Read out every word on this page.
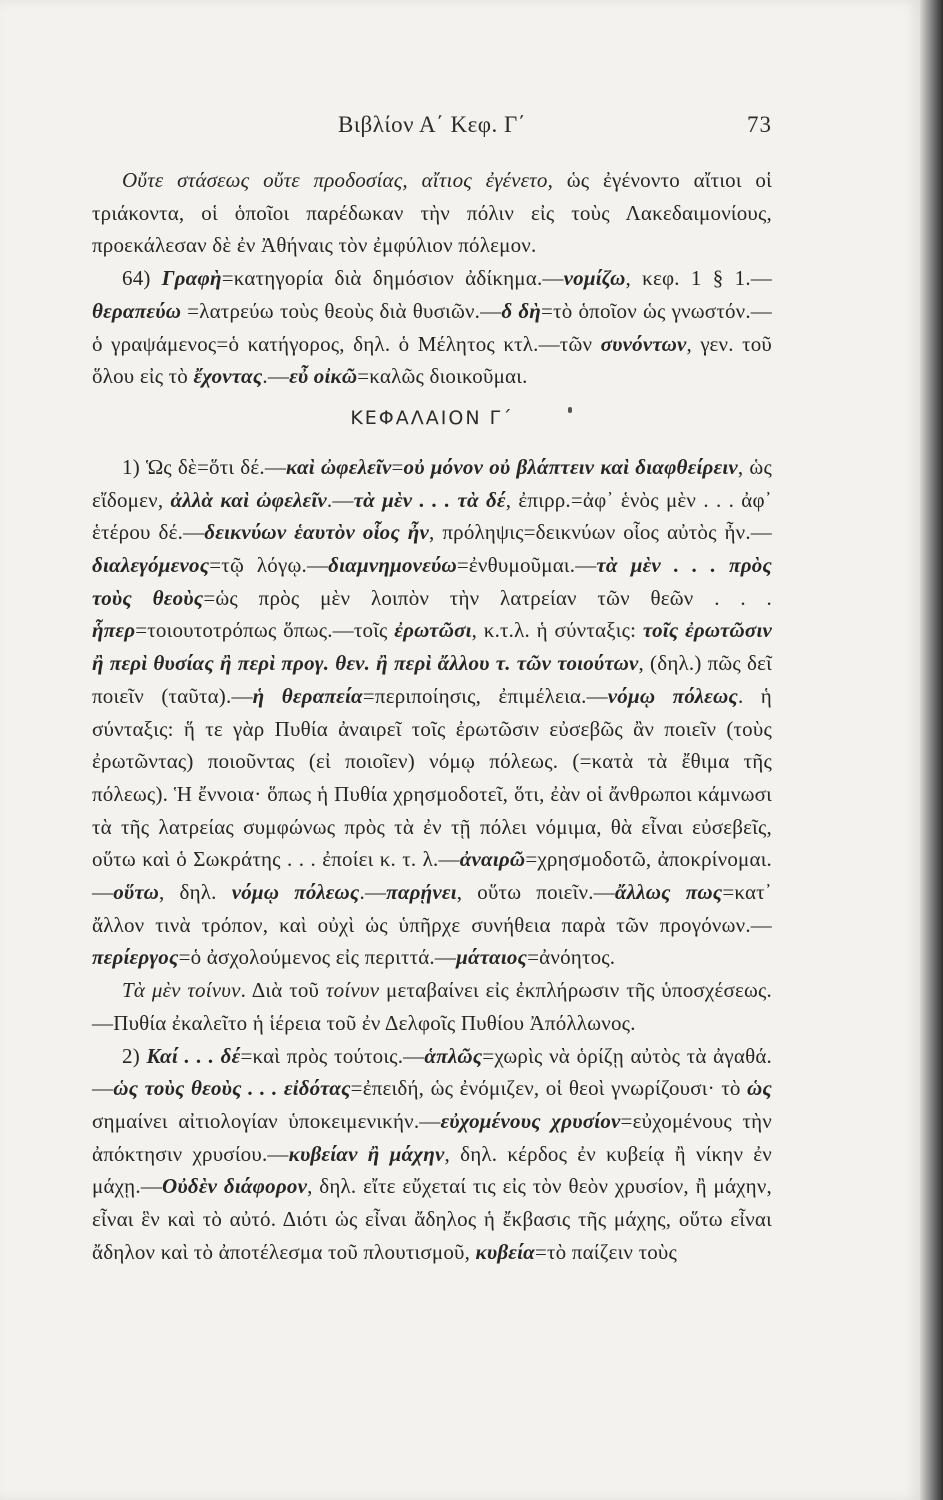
Βιβλίον Α΄ Κεφ. Γ΄	73

Οὔτε στάσεως οὔτε προδοσίας, αἴτιος ἐγένετο, ὡς ἐγένοντο αἴτιοι οἱ τριάκοντα, οἱ ὁποῖοι παρέδωκαν τὴν πόλιν εἰς τοὺς Λακεδαιμονίους, προεκάλεσαν δὲ ἐν Ἀθήναις τὸν ἐμφύλιον πόλεμον.

64) Γραφὴ=κατηγορία διὰ δημόσιον ἀδίκημα.—νομίζω, κεφ. 1 § 1.—θεραπεύω =λατρεύω τοὺς θεοὺς διὰ θυσιῶν.—δ δὴ=τὸ ὁποῖον ὡς γνωστόν.—ὁ γραψάμενος=ὁ κατήγορος, δηλ. ὁ Μέλητος κτλ.—τῶν συνόντων, γεν. τοῦ ὅλου εἰς τὸ ἔχοντας.—εὖ οἰκῶ=καλῶς διοικοῦμαι.

ΚΕΦΑΛΑΙΟΝ Γ΄

1) Ὡς δὲ=ὅτι δέ.—καὶ ὠφελεῖν=οὐ μόνον οὐ βλάπτειν καὶ διαφθείρειν, ὡς εἴδομεν, ἀλλὰ καὶ ὠφελεῖν.—τὰ μὲν . . . τὰ δέ, ἐπιρρ.=ἀφ᾽ ἑνὸς μὲν . . . ἀφ᾽ ἑτέρου δέ.—δεικνύων ἑαυτὸν οἷος ἦν, πρόληψις=δεικνύων οἷος αὐτὸς ἦν.—διαλεγόμενος=τῷ λόγῳ.—διαμνημονεύω=ἐνθυμοῦμαι.—τὰ μὲν . . . πρὸς τοὺς θεοὺς=ὡς πρὸς μὲν λοιπὸν τὴν λατρείαν τῶν θεῶν . . . ἧπερ=τοιουτοτρόπως ὅπως.—τοῖς ἐρωτῶσι, κ.τ.λ. ἡ σύνταξις: τοῖς ἐρωτῶσιν ἢ περὶ θυσίας ἢ περὶ προγ. θεν. ἢ περὶ ἄλλου τ. τῶν τοιούτων, (δηλ.) πῶς δεῖ ποιεῖν (ταῦτα).—ἡ θεραπεία=περιποίησις, ἐπιμέλεια.—νόμῳ πόλεως. ἡ σύνταξις: ἥ τε γὰρ Πυθία ἀναιρεῖ τοῖς ἐρωτῶσιν εὐσεβῶς ἂν ποιεῖν (τοὺς ἐρωτῶντας) ποιοῦντας (εἰ ποιοῖεν) νόμῳ πόλεως. (=κατὰ τὰ ἔθιμα τῆς πόλεως). Ἡ ἔννοια· ὅπως ἡ Πυθία χρησμοδοτεῖ, ὅτι, ἐὰν οἱ ἄνθρωποι κάμνωσι τὰ τῆς λατρείας συμφώνως πρὸς τὰ ἐν τῇ πόλει νόμιμα, θὰ εἶναι εὐσεβεῖς, οὕτω καὶ ὁ Σωκράτης . . . ἐποίει κ. τ. λ.—ἀναιρῶ=χρησμοδοτῶ, ἀποκρίνομαι.—οὕτω, δηλ. νόμῳ πόλεως.—παρῄνει, οὕτω ποιεῖν.—ἄλλως πως=κατ᾽ ἄλλον τινὰ τρόπον, καὶ οὐχὶ ὡς ὑπῆρχε συνήθεια παρὰ τῶν προγόνων.—περίεργος=ὁ ἀσχολούμενος εἰς περιττά.—μάταιος=ἀνόητος.

Τὰ μὲν τοίνυν. Διὰ τοῦ τοίνυν μεταβαίνει εἰς ἐκπλήρωσιν τῆς ὑποσχέσεως.—Πυθία ἐκαλεῖτο ἡ ἱέρεια τοῦ ἐν Δελφοῖς Πυθίου Ἀπόλλωνος.

2) Καί . . . δέ=καὶ πρὸς τούτοις.—ἁπλῶς=χωρὶς νὰ ὁρίζῃ αὐτὸς τὰ ἀγαθά.—ὡς τοὺς θεοὺς . . . εἰδότας=ἐπειδή, ὡς ἐνόμιζεν, οἱ θεοὶ γνωρίζουσι· τὸ ὡς σημαίνει αἰτιολογίαν ὑποκειμενικήν.—εὐχομένους χρυσίον=εὐχομένους τὴν ἀπόκτησιν χρυσίου.—κυβείαν ἢ μάχην, δηλ. κέρδος ἐν κυβείᾳ ἢ νίκην ἐν μάχῃ.—Οὐδὲν διάφορον, δηλ. εἴτε εὔχεταί τις εἰς τὸν θεὸν χρυσίον, ἢ μάχην, εἶναι ἓν καὶ τὸ αὐτό. Διότι ὡς εἶναι ἄδηλος ἡ ἔκβασις τῆς μάχης, οὕτω εἶναι ἄδηλον καὶ τὸ ἀποτέλεσμα τοῦ πλουτισμοῦ, κυβεία=τὸ παίζειν τοὺς
